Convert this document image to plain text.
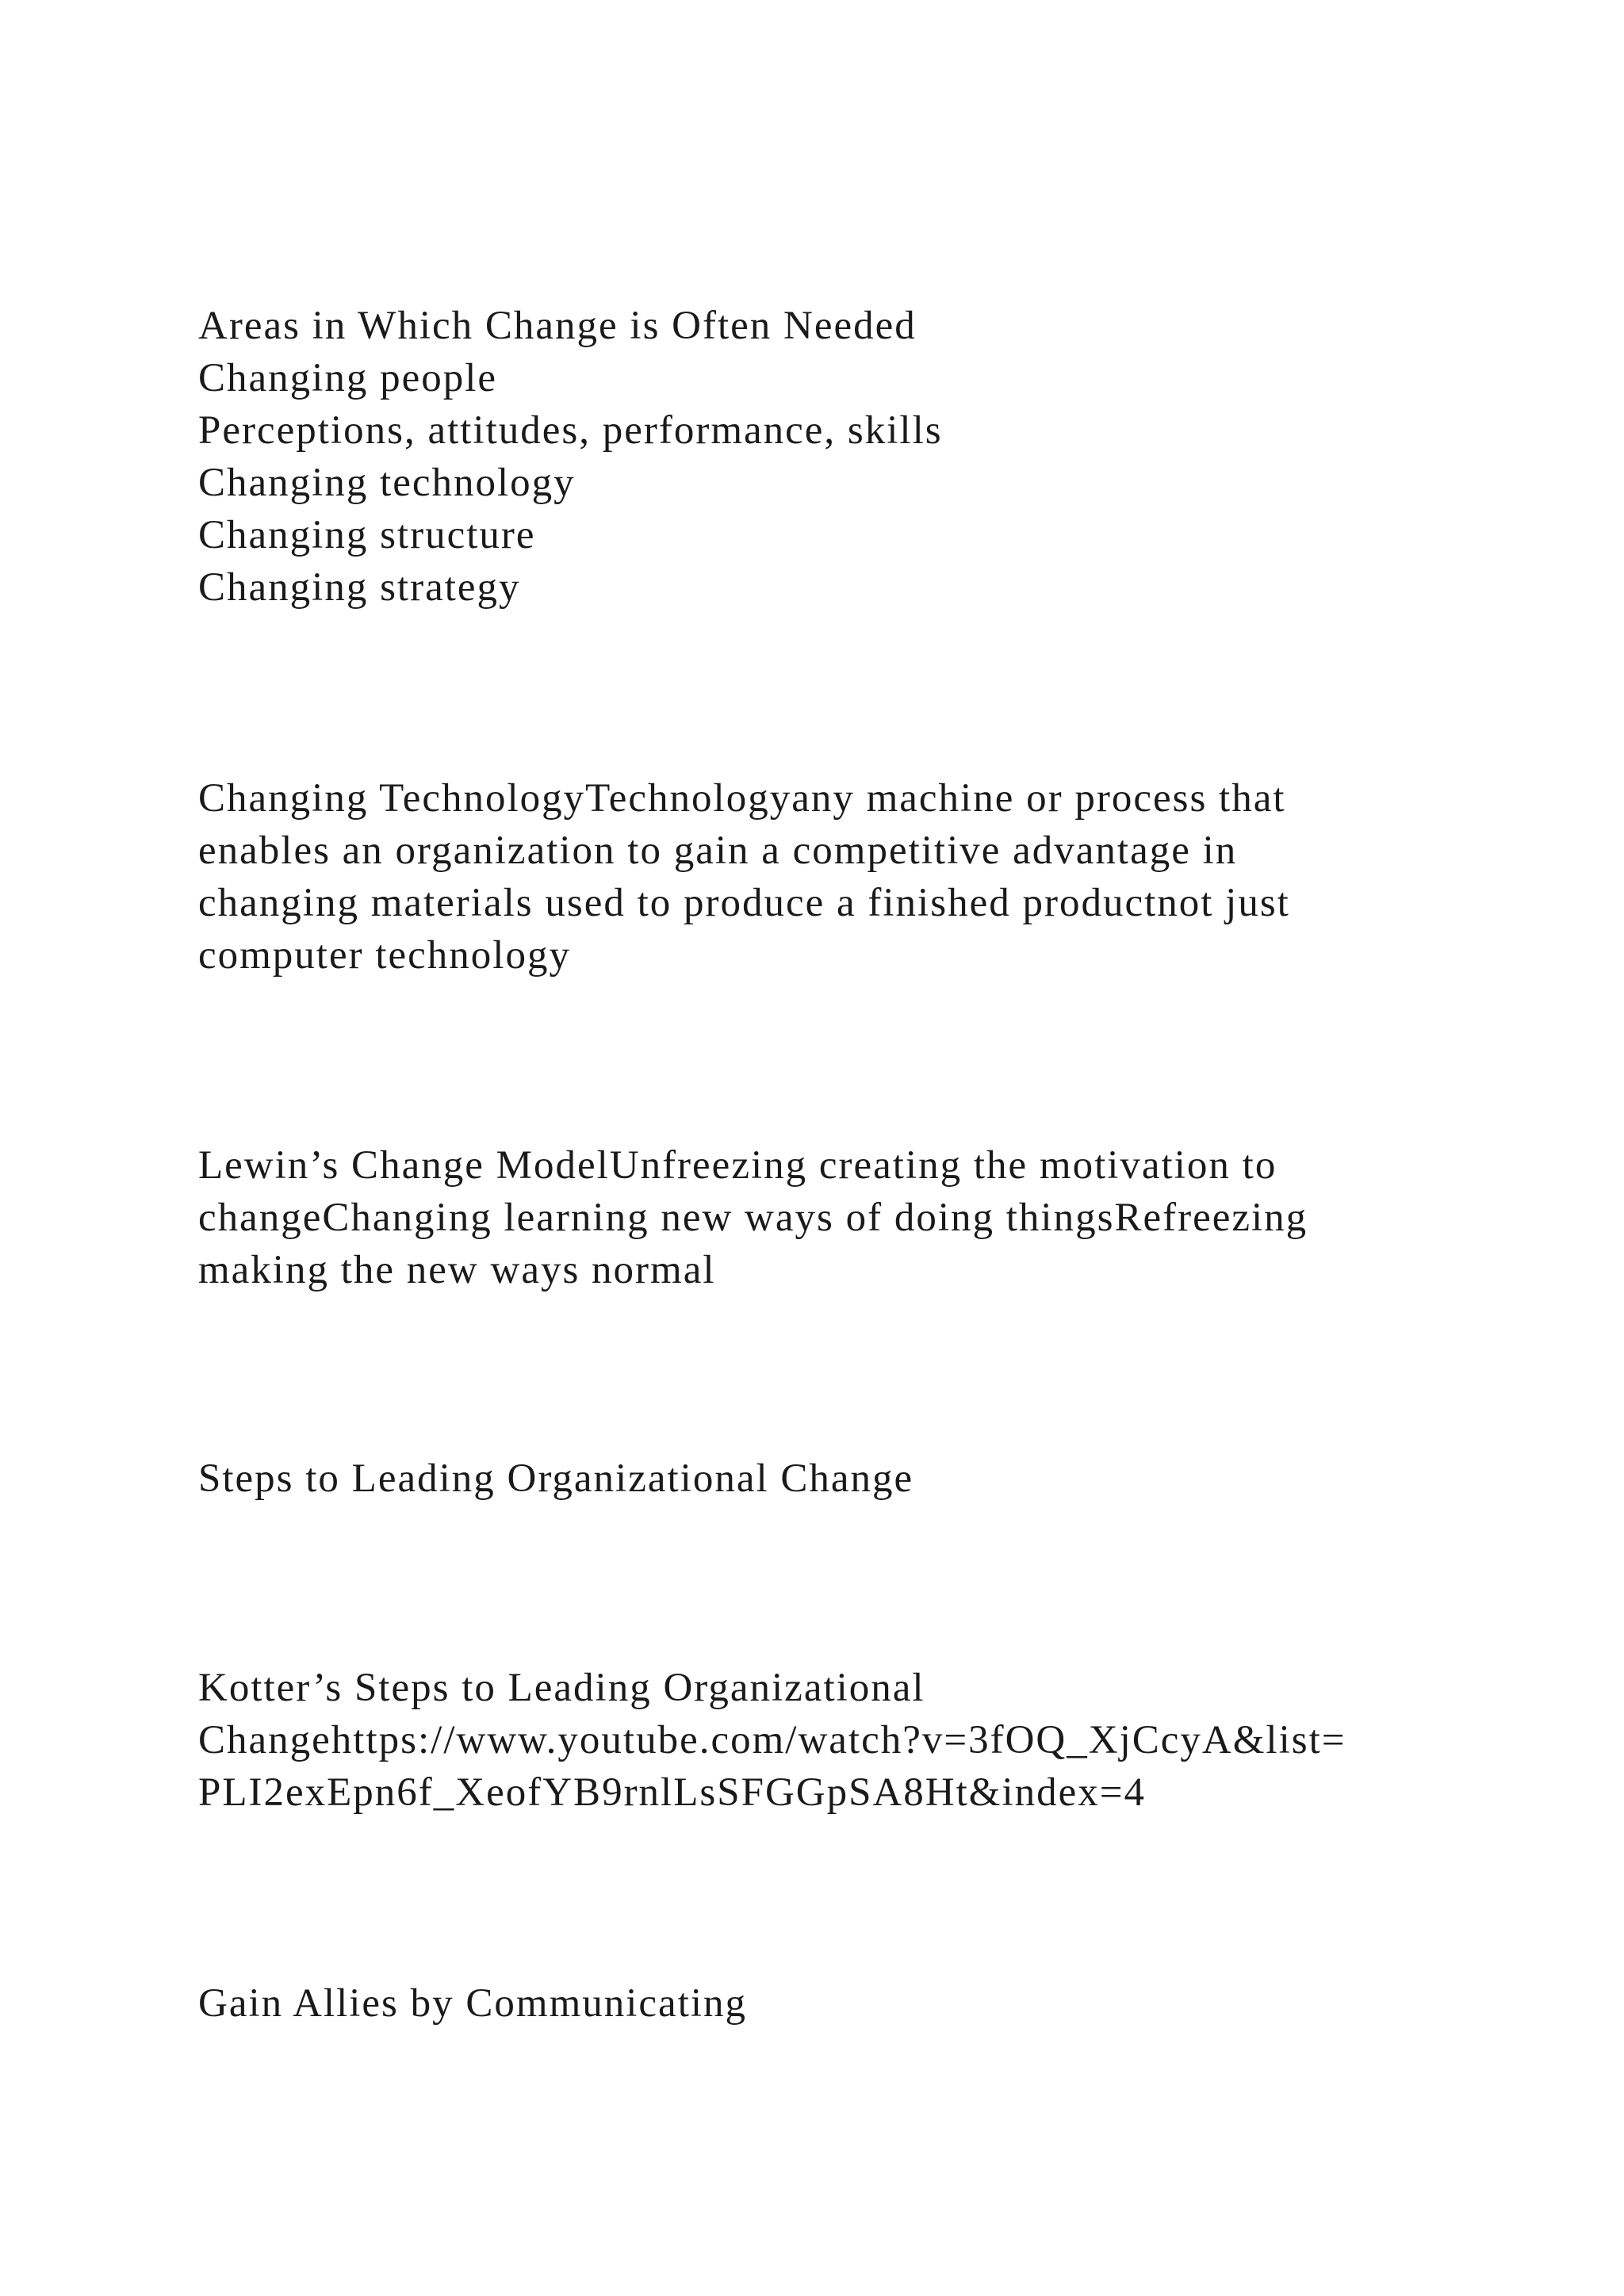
Areas in Which Change is Often Needed

Changing people

Perceptions, attitudes, performance, skills

Changing technology

Changing structure

Changing strategy

Changing TechnologyTechnologyany machine or process that

enables an organization to gain a competitive advantage in

changing materials used to produce a finished productnot just

computer technology

Lewin’s Change ModelUnfreezing creating the motivation to

changeChanging learning new ways of doing thingsRefreezing

making the new ways normal

Steps to Leading Organizational Change

Kotter’s Steps to Leading Organizational

Changehttps://www.youtube.com/watch?v=3fOQ_XjCcyA&list=

PLI2exEpn6f_XeofYB9rnlLsSFGGpSA8Ht&index=4

Gain Allies by Communicating
